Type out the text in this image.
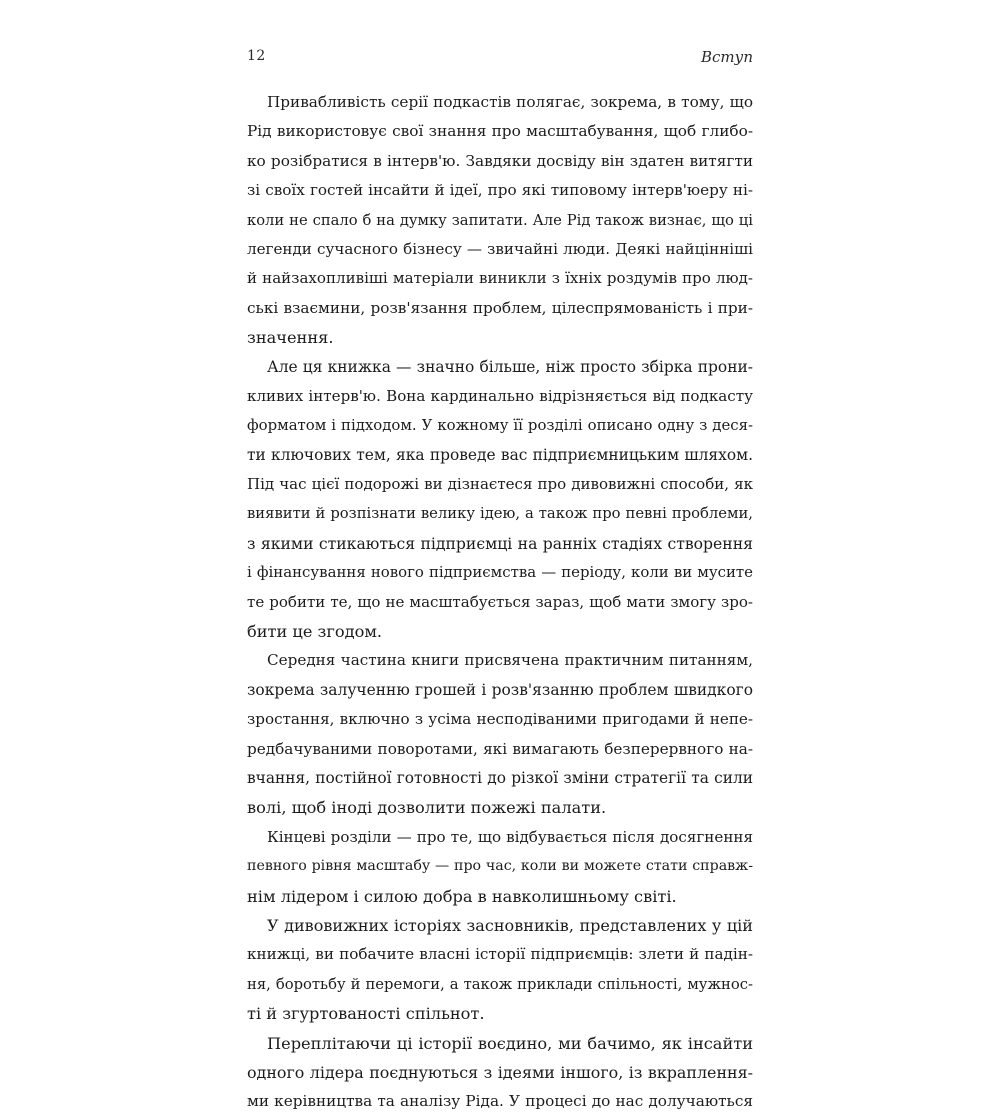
12	Вступ
Привабливість серії подкастів полягає, зокрема, в тому, що
Рід використовує свої знання про масштабування, щоб глибо-
ко розібратися в інтерв'ю. Завдяки досвіду він здатен витягти
зі своїх гостей інсайти й ідеї, про які типовому інтерв'юеру ні-
коли не спало б на думку запитати. Але Рід також визнає, що ці
легенди сучасного бізнесу — звичайні люди. Деякі найцінніші
й найзахопливіші матеріали виникли з їхніх роздумів про люд-
ські взаємини, розв'язання проблем, цілеспрямованість і при-
значення.
Але ця книжка — значно більше, ніж просто збірка прони-
кливих інтерв'ю. Вона кардинально відрізняється від подкасту
форматом і підходом. У кожному її розділі описано одну з деся-
ти ключових тем, яка проведе вас підприємницьким шляхом.
Під час цієї подорожі ви дізнаєтеся про дивовижні способи, як
виявити й розпізнати велику ідею, а також про певні проблеми,
з якими стикаються підприємці на ранніх стадіях створення
і фінансування нового підприємства — періоду, коли ви мусите
те робити те, що не масштабується зараз, щоб мати змогу зро-
бити це згодом.
Середня частина книги присвячена практичним питанням,
зокрема залученню грошей і розв'язанню проблем швидкого
зростання, включно з усіма несподіваними пригодами й непе-
редбачуваними поворотами, які вимагають безперервного на-
вчання, постійної готовності до різкої зміни стратегії та сили
волі, щоб іноді дозволити пожежі палати.
Кінцеві розділи — про те, що відбувається після досягнення
певного рівня масштабу — про час, коли ви можете стати справж-
нім лідером і силою добра в навколишньому світі.
У дивовижних історіях засновників, представлених у цій
книжці, ви побачите власні історії підприємців: злети й падін-
ня, боротьбу й перемоги, а також приклади спільності, мужнос-
ті й згуртованості спільнот.
Переплітаючи ці історії воєдино, ми бачимо, як інсайти
одного лідера поєднуються з ідеями іншого, із вкраплення-
ми керівництва та аналізу Ріда. У процесі до нас долучаються
